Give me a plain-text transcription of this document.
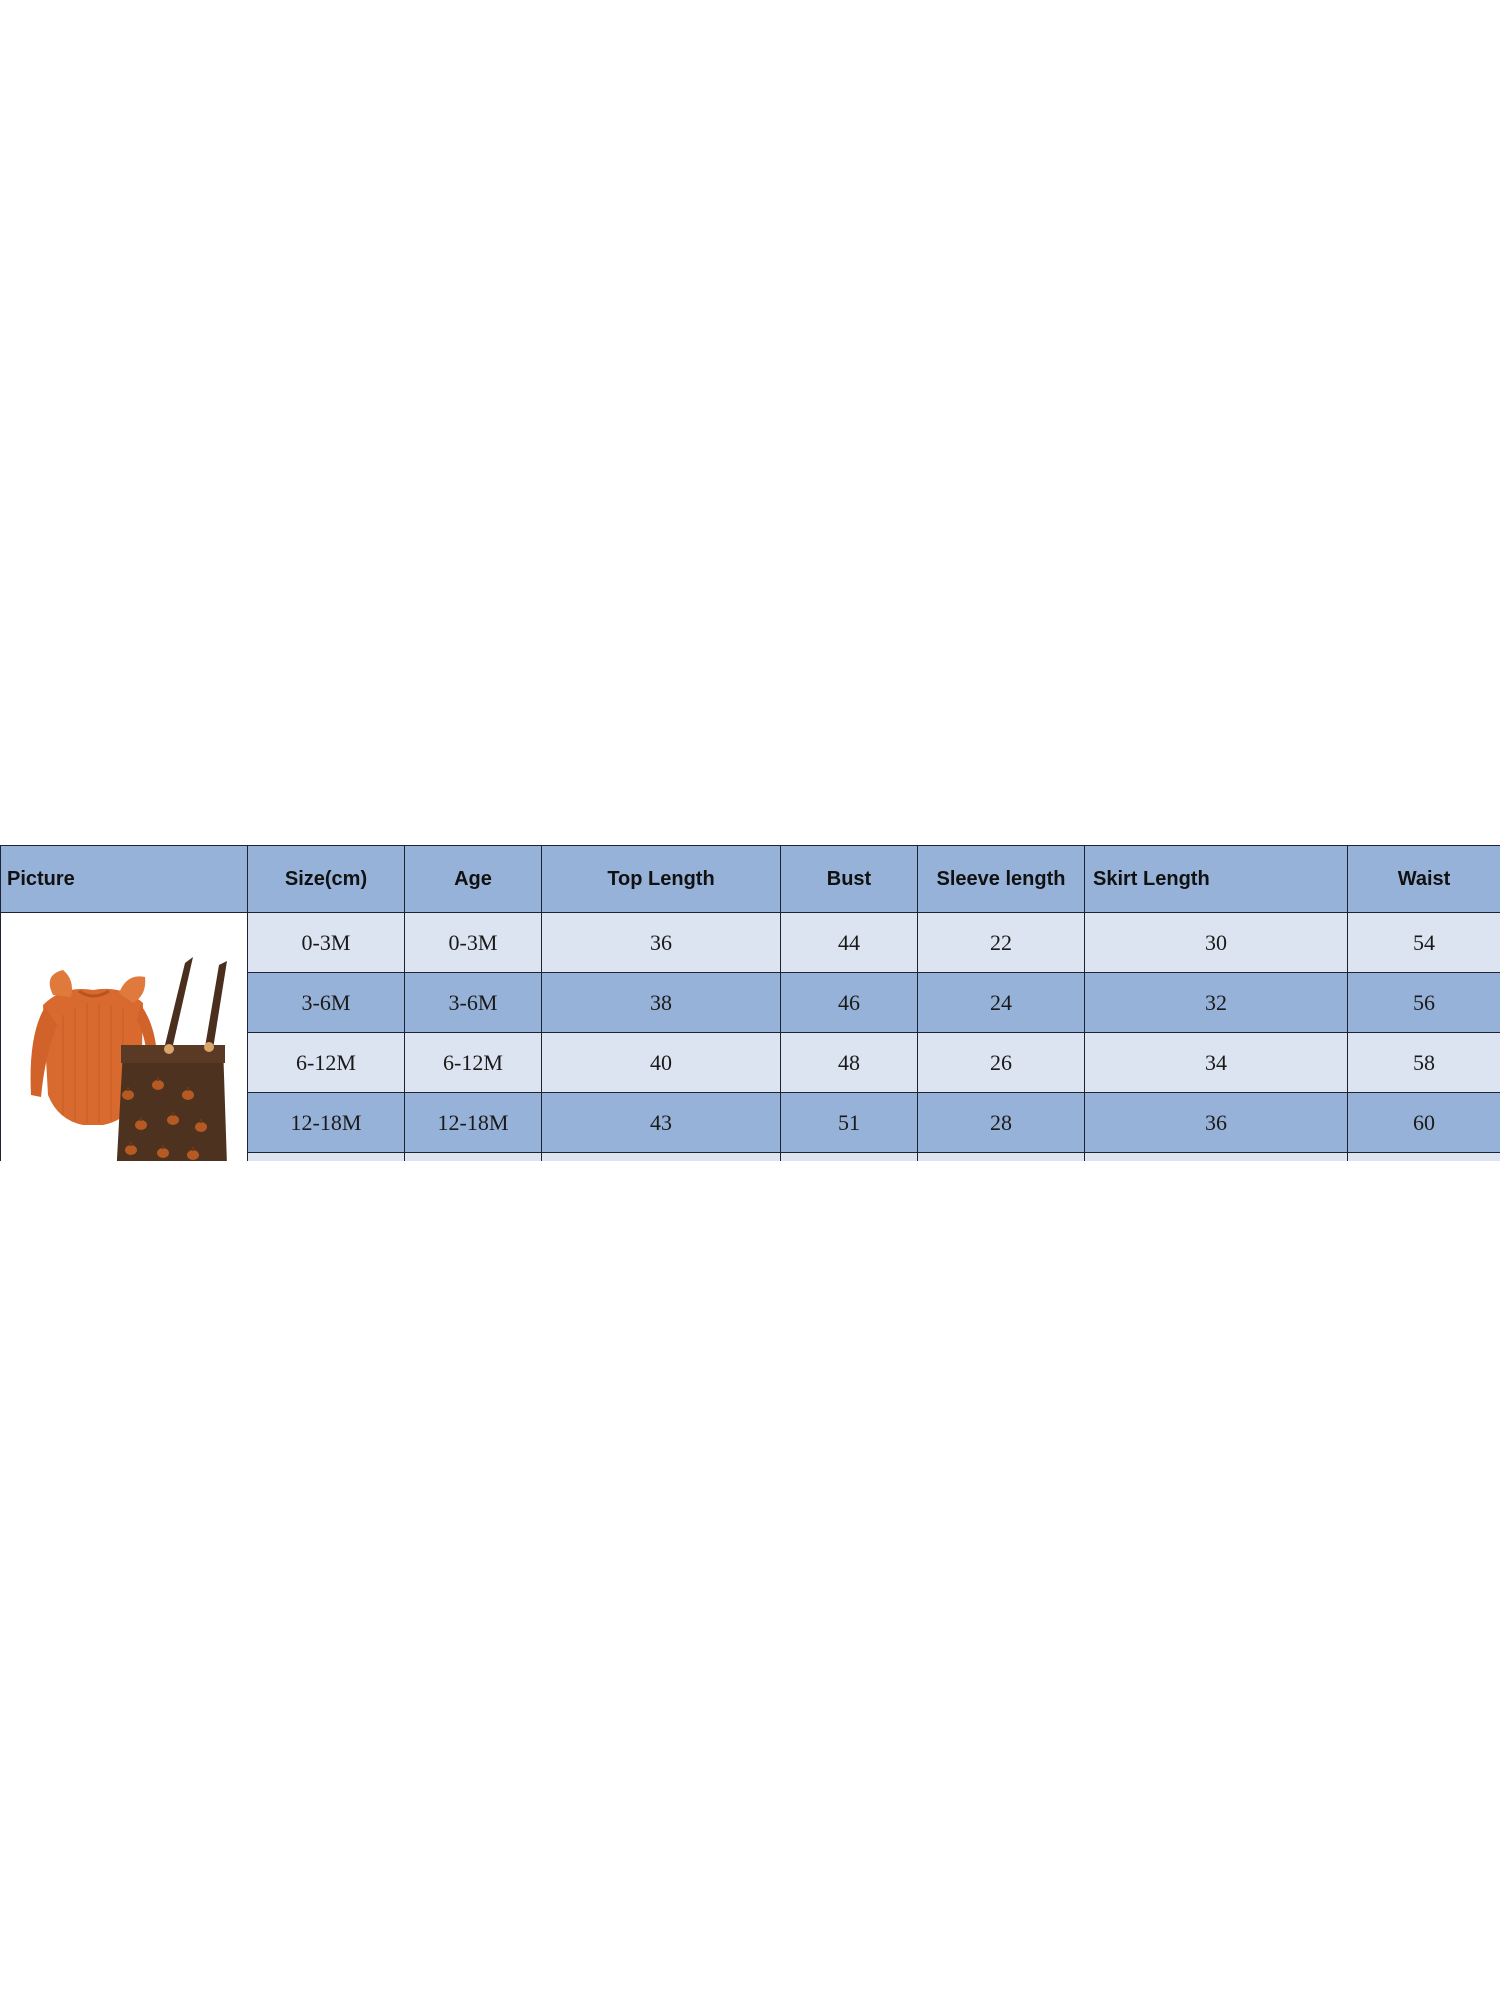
Picture	Size(cm)	Age	Top Length	Bust	Sleeve length	Skirt Length	Waist

	0-3M	0-3M	36	44	22	30	54
	3-6M	3-6M	38	46	24	32	56
	6-12M	6-12M	40	48	26	34	58
	12-18M	12-18M	43	51	28	36	60
